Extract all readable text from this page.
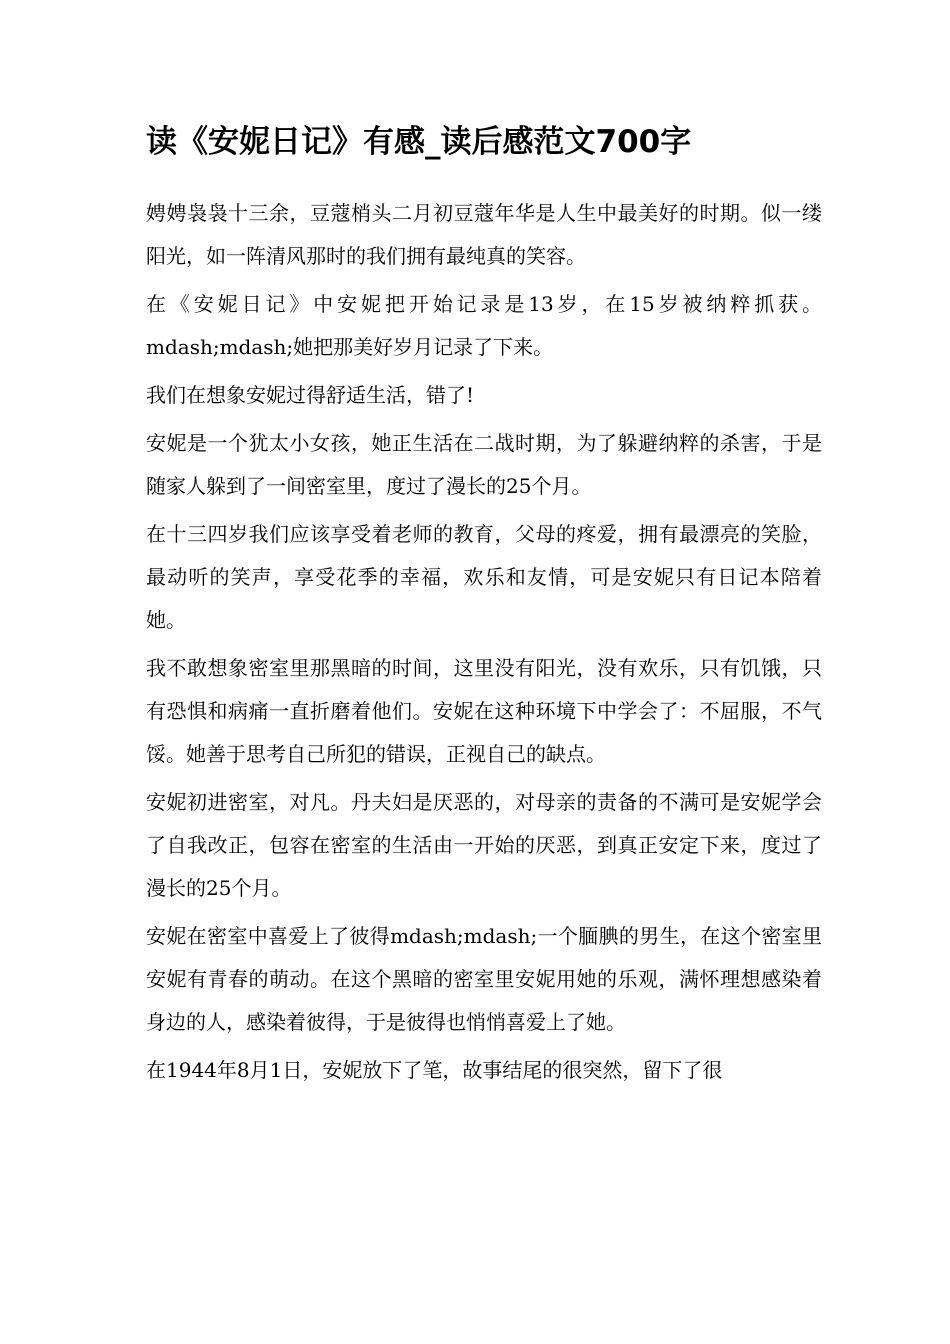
读《安妮日记》有感_读后感范文700字

娉娉袅袅十三余，豆蔻梢头二月初豆蔻年华是人生中最美好的时期。似一缕阳光，如一阵清风那时的我们拥有最纯真的笑容。

在《安妮日记》中安妮把开始记录是13岁，在15岁被纳粹抓获。mdash;mdash;她把那美好岁月记录了下来。

我们在想象安妮过得舒适生活，错了!

安妮是一个犹太小女孩，她正生活在二战时期，为了躲避纳粹的杀害，于是随家人躲到了一间密室里，度过了漫长的25个月。

在十三四岁我们应该享受着老师的教育，父母的疼爱，拥有最漂亮的笑脸，最动听的笑声，享受花季的幸福，欢乐和友情，可是安妮只有日记本陪着她。

我不敢想象密室里那黑暗的时间，这里没有阳光，没有欢乐，只有饥饿，只有恐惧和病痛一直折磨着他们。安妮在这种环境下中学会了：不屈服，不气馁。她善于思考自己所犯的错误，正视自己的缺点。

安妮初进密室，对凡。丹夫妇是厌恶的，对母亲的责备的不满可是安妮学会了自我改正，包容在密室的生活由一开始的厌恶，到真正安定下来，度过了漫长的25个月。

安妮在密室中喜爱上了彼得mdash;mdash;一个腼腆的男生，在这个密室里安妮有青春的萌动。在这个黑暗的密室里安妮用她的乐观，满怀理想感染着身边的人，感染着彼得，于是彼得也悄悄喜爱上了她。

在1944年8月1日，安妮放下了笔，故事结尾的很突然，留下了很
